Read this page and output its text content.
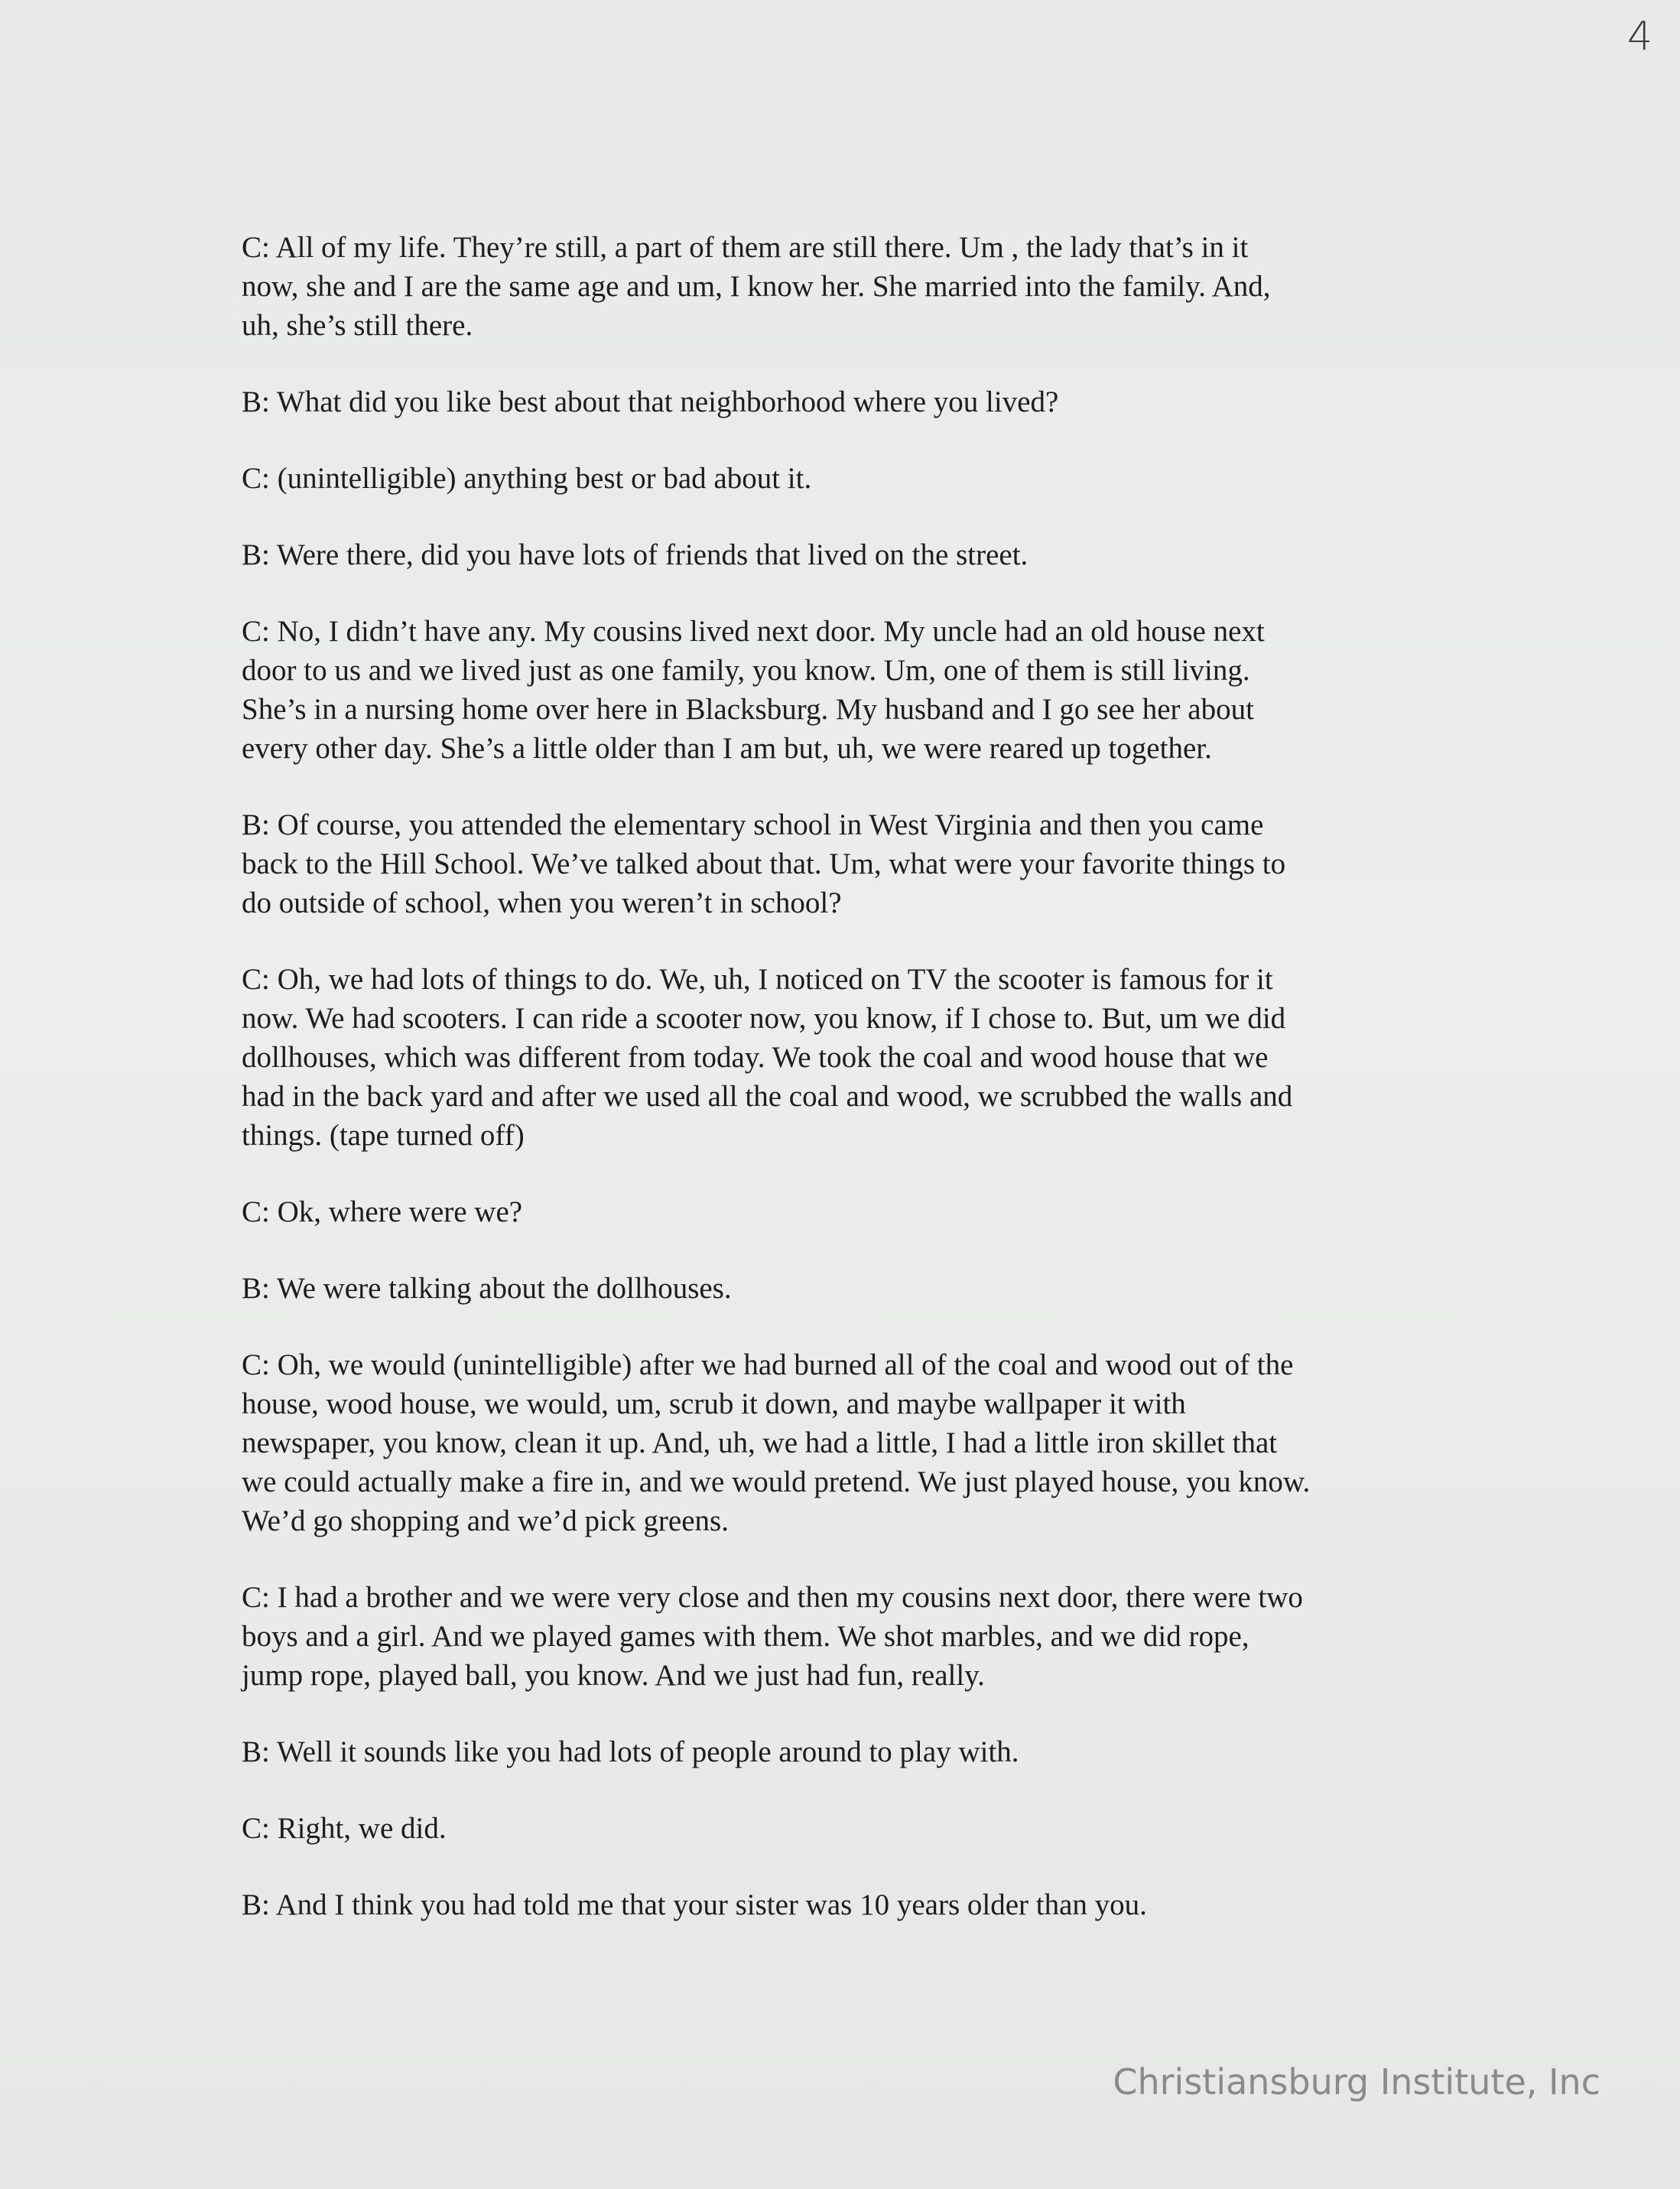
4

C: All of my life. They’re still, a part of them are still there. Um , the lady that’s in it
now, she and I are the same age and um, I know her. She married into the family. And,
uh, she’s still there.

B: What did you like best about that neighborhood where you lived?

C: (unintelligible) anything best or bad about it.

B: Were there, did you have lots of friends that lived on the street.

C: No, I didn’t have any. My cousins lived next door. My uncle had an old house next
door to us and we lived just as one family, you know. Um, one of them is still living.
She’s in a nursing home over here in Blacksburg. My husband and I go see her about
every other day. She’s a little older than I am but, uh, we were reared up together.

B: Of course, you attended the elementary school in West Virginia and then you came
back to the Hill School. We’ve talked about that. Um, what were your favorite things to
do outside of school, when you weren’t in school?

C: Oh, we had lots of things to do. We, uh, I noticed on TV the scooter is famous for it
now. We had scooters. I can ride a scooter now, you know, if I chose to. But, um we did
dollhouses, which was different from today. We took the coal and wood house that we
had in the back yard and after we used all the coal and wood, we scrubbed the walls and
things. (tape turned off)

C: Ok, where were we?

B: We were talking about the dollhouses.

C: Oh, we would (unintelligible) after we had burned all of the coal and wood out of the
house, wood house, we would, um, scrub it down, and maybe wallpaper it with
newspaper, you know, clean it up. And, uh, we had a little, I had a little iron skillet that
we could actually make a fire in, and we would pretend. We just played house, you know.
We’d go shopping and we’d pick greens.

C: I had a brother and we were very close and then my cousins next door, there were two
boys and a girl. And we played games with them. We shot marbles, and we did rope,
jump rope, played ball, you know. And we just had fun, really.

B: Well it sounds like you had lots of people around to play with.

C: Right, we did.

B: And I think you had told me that your sister was 10 years older than you.

Christiansburg Institute, Inc
